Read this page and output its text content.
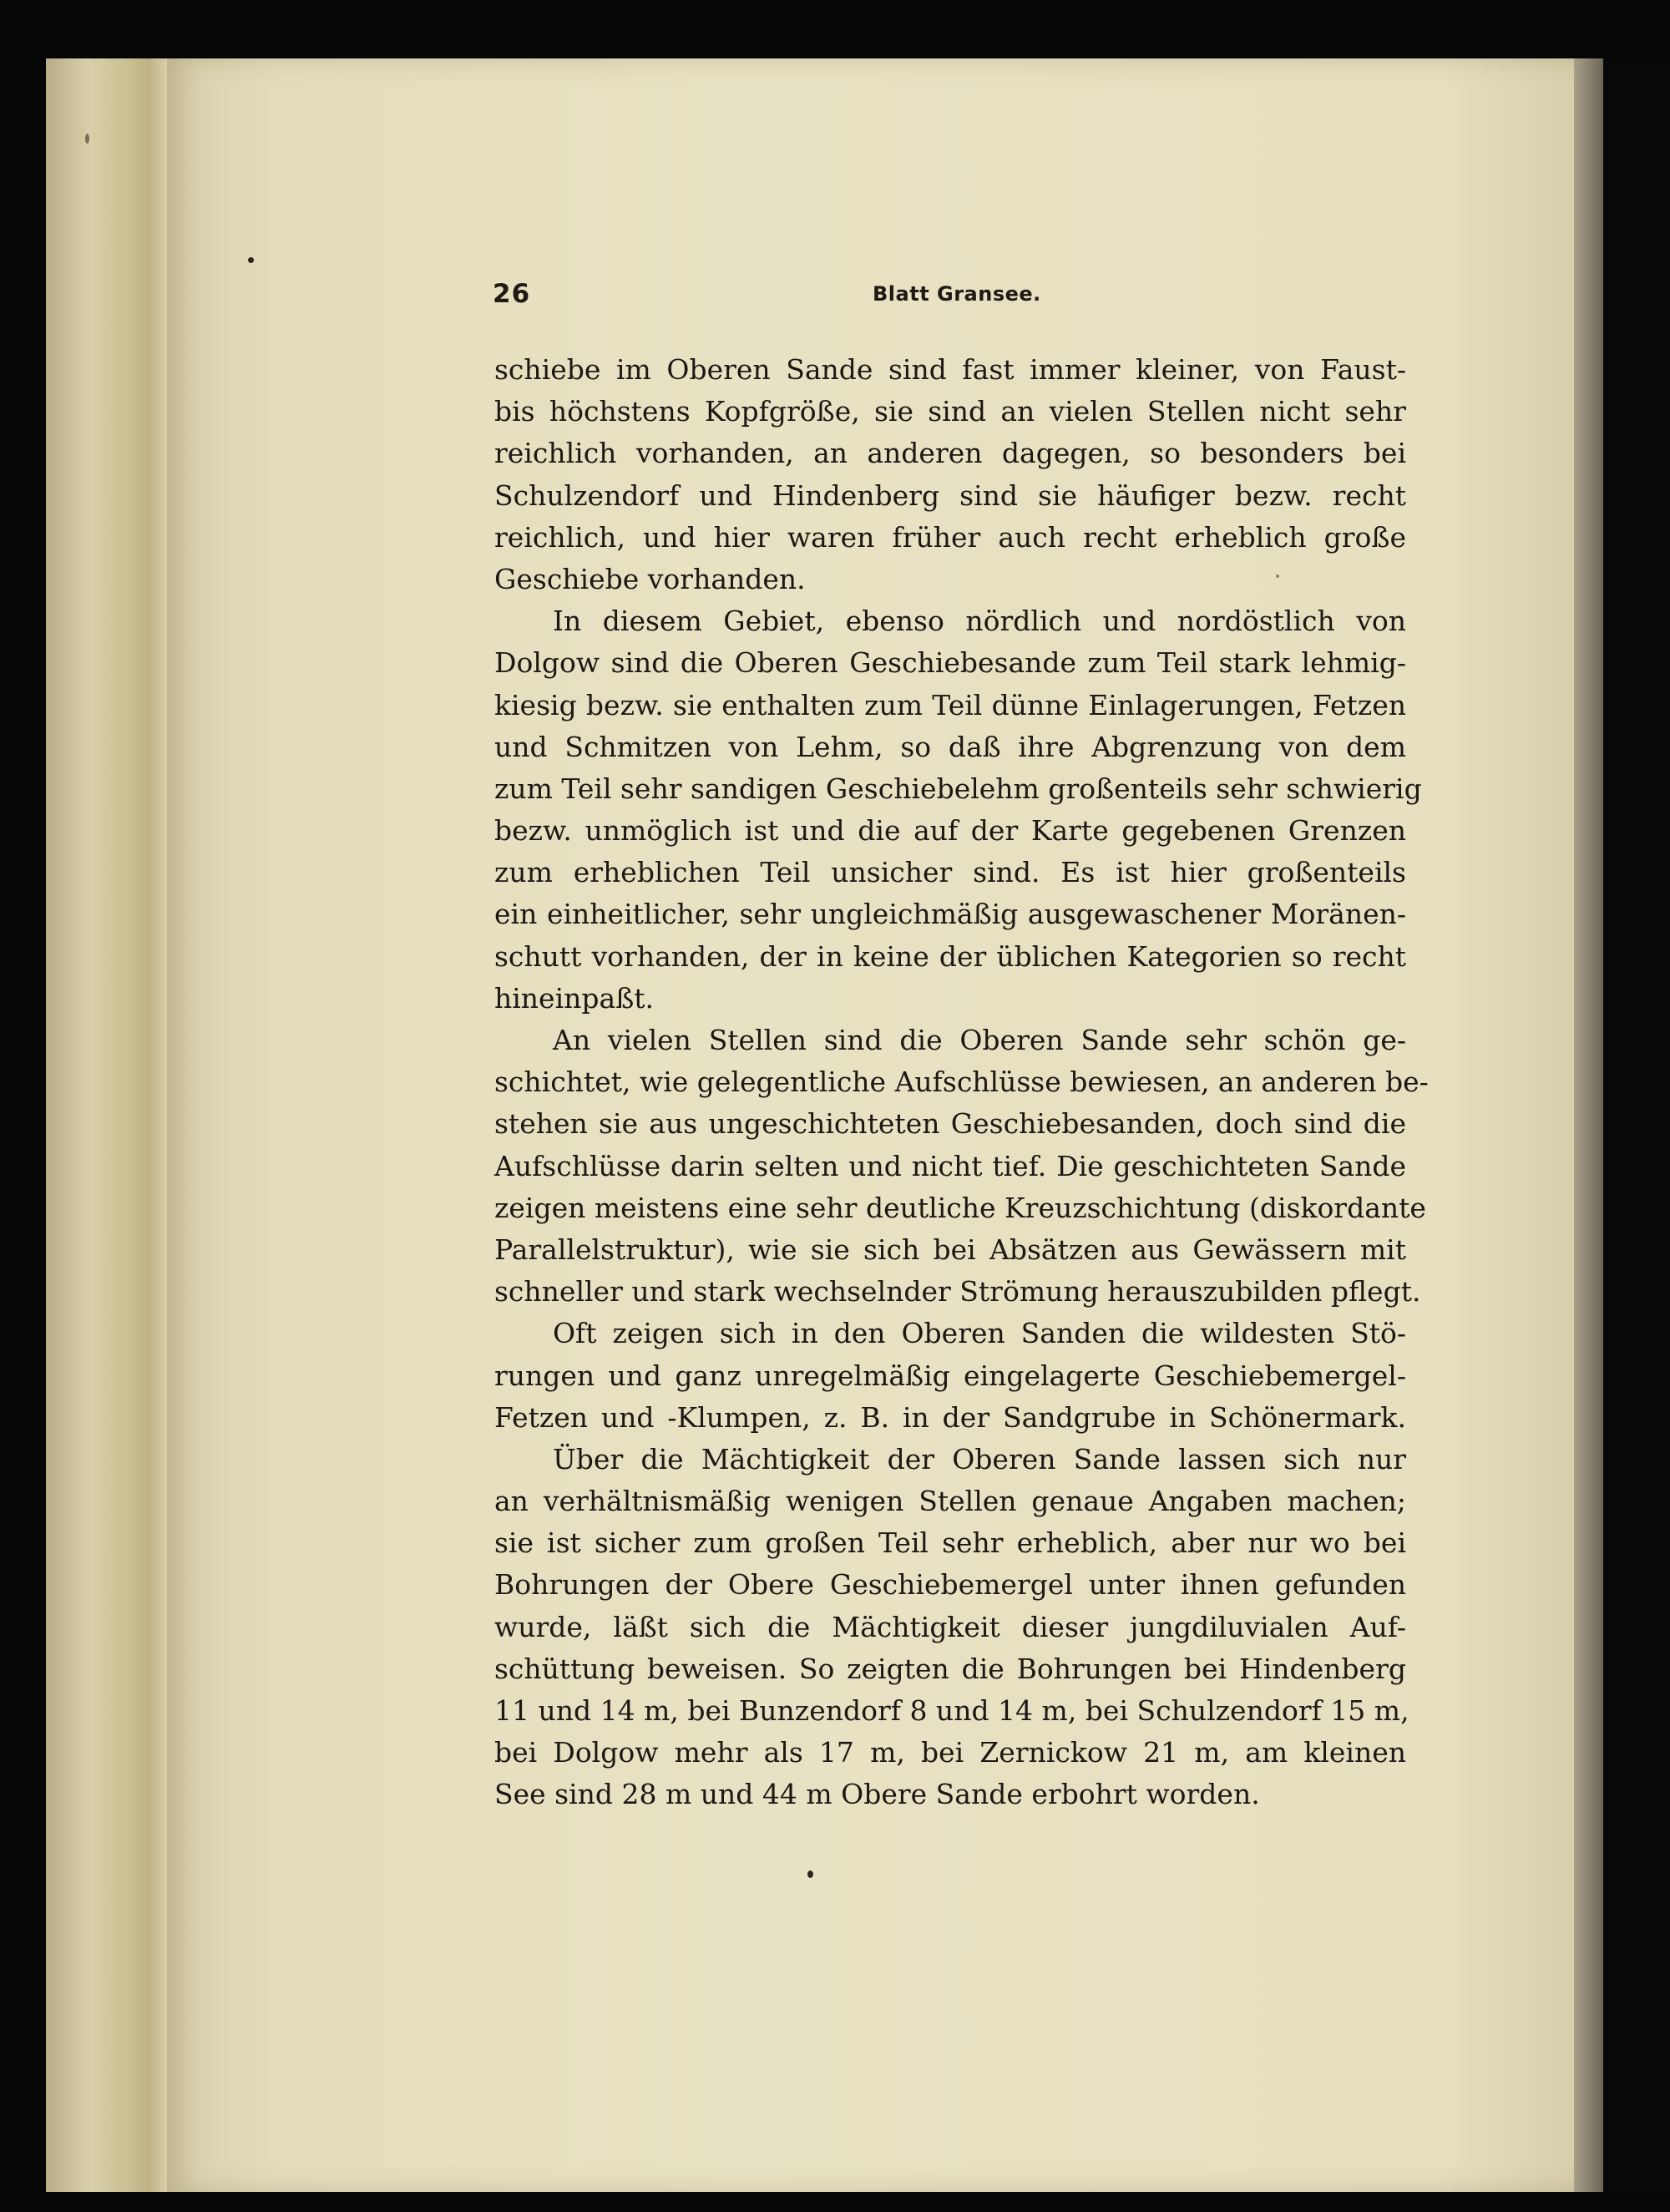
26	Blatt Gransee.
schiebe im Oberen Sande sind fast immer kleiner, von Faust-
bis höchstens Kopfgröße, sie sind an vielen Stellen nicht sehr
reichlich vorhanden, an anderen dagegen, so besonders bei
Schulzendorf und Hindenberg sind sie häufiger bezw. recht
reichlich, und hier waren früher auch recht erheblich große
Geschiebe vorhanden.
In diesem Gebiet, ebenso nördlich und nordöstlich von
Dolgow sind die Oberen Geschiebesande zum Teil stark lehmig-
kiesig bezw. sie enthalten zum Teil dünne Einlagerungen, Fetzen
und Schmitzen von Lehm, so daß ihre Abgrenzung von dem
zum Teil sehr sandigen Geschiebelehm großenteils sehr schwierig
bezw. unmöglich ist und die auf der Karte gegebenen Grenzen
zum erheblichen Teil unsicher sind. Es ist hier großenteils
ein einheitlicher, sehr ungleichmäßig ausgewaschener Moränen-
schutt vorhanden, der in keine der üblichen Kategorien so recht
hineinpaßt.
An vielen Stellen sind die Oberen Sande sehr schön ge-
schichtet, wie gelegentliche Aufschlüsse bewiesen, an anderen be-
stehen sie aus ungeschichteten Geschiebesanden, doch sind die
Aufschlüsse darin selten und nicht tief. Die geschichteten Sande
zeigen meistens eine sehr deutliche Kreuzschichtung (diskordante
Parallelstruktur), wie sie sich bei Absätzen aus Gewässern mit
schneller und stark wechselnder Strömung herauszubilden pflegt.
Oft zeigen sich in den Oberen Sanden die wildesten Stö-
rungen und ganz unregelmäßig eingelagerte Geschiebemergel-
Fetzen und -Klumpen, z. B. in der Sandgrube in Schönermark.
Über die Mächtigkeit der Oberen Sande lassen sich nur
an verhältnismäßig wenigen Stellen genaue Angaben machen;
sie ist sicher zum großen Teil sehr erheblich, aber nur wo bei
Bohrungen der Obere Geschiebemergel unter ihnen gefunden
wurde, läßt sich die Mächtigkeit dieser jungdiluvialen Auf-
schüttung beweisen. So zeigten die Bohrungen bei Hindenberg
11 und 14 m, bei Bunzendorf 8 und 14 m, bei Schulzendorf 15 m,
bei Dolgow mehr als 17 m, bei Zernickow 21 m, am kleinen
See sind 28 m und 44 m Obere Sande erbohrt worden.
